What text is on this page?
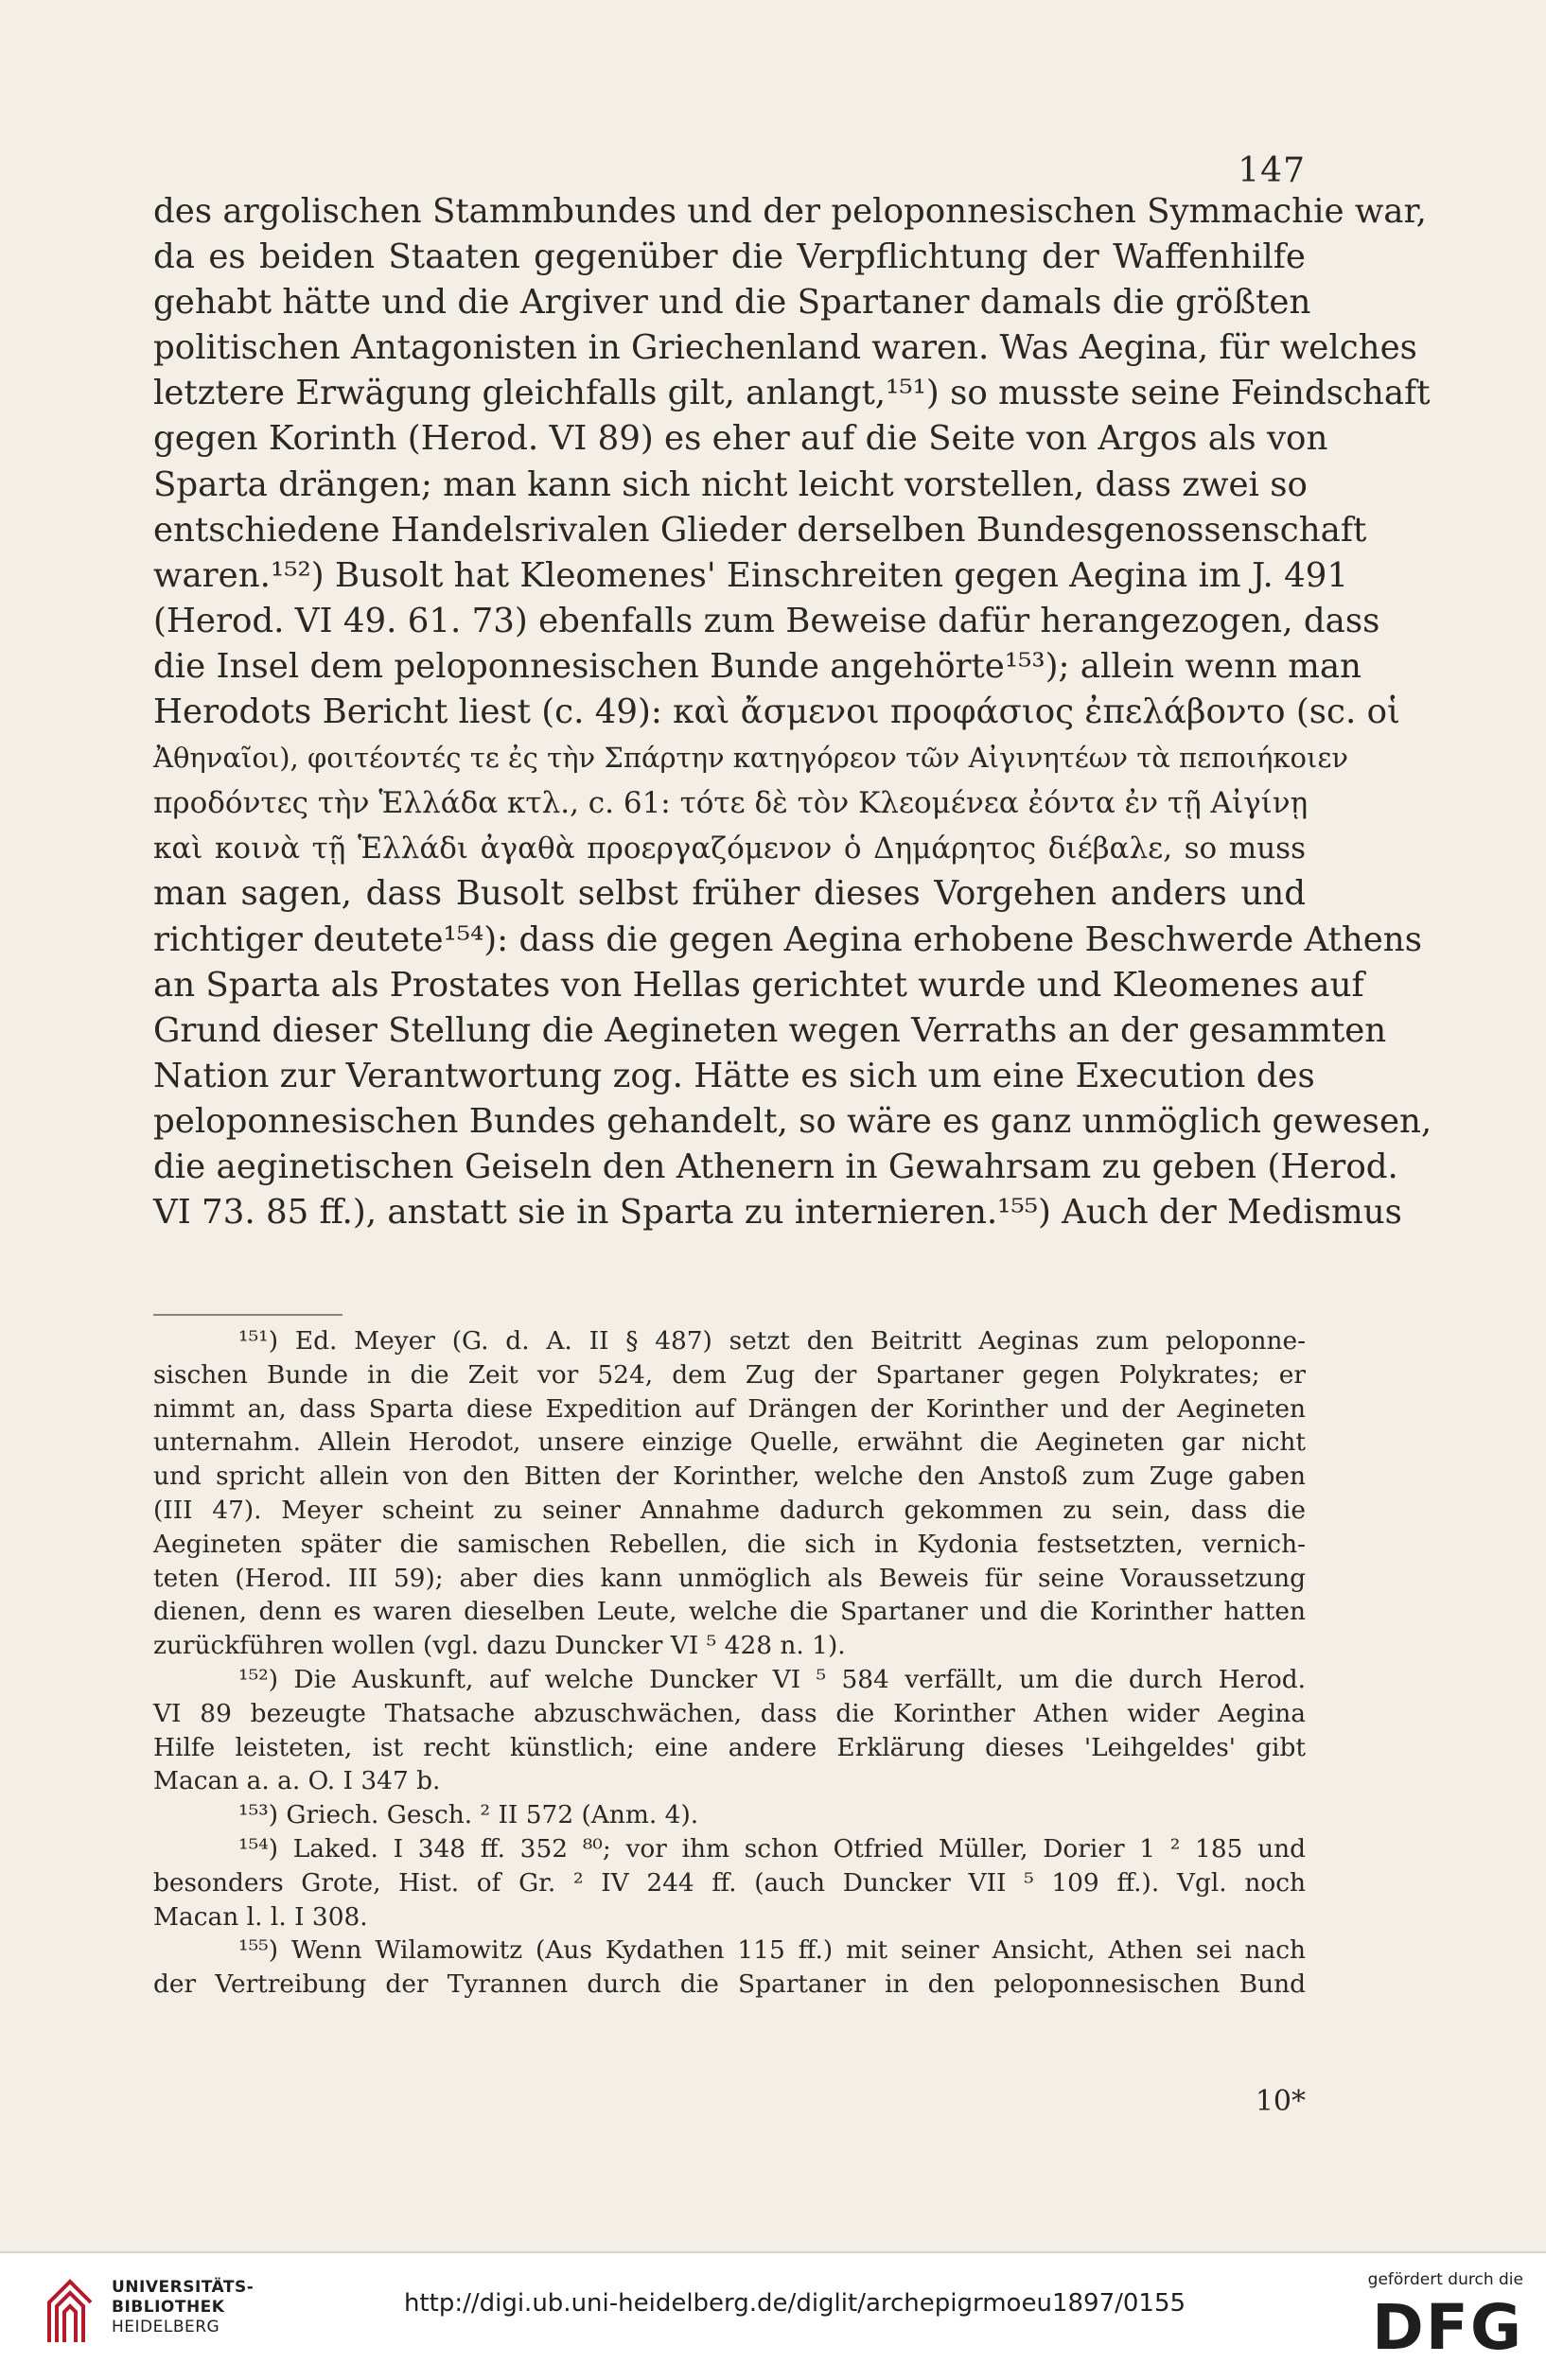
147
des argolischen Stammbundes und der peloponnesischen Symmachie war,
da es beiden Staaten gegenüber die Verpflichtung der Waffenhilfe
gehabt hätte und die Argiver und die Spartaner damals die größten
politischen Antagonisten in Griechenland waren. Was Aegina, für welches
letztere Erwägung gleichfalls gilt, anlangt,¹⁵¹) so musste seine Feindschaft
gegen Korinth (Herod. VI 89) es eher auf die Seite von Argos als von
Sparta drängen; man kann sich nicht leicht vorstellen, dass zwei so
entschiedene Handelsrivalen Glieder derselben Bundesgenossenschaft
waren.¹⁵²) Busolt hat Kleomenes' Einschreiten gegen Aegina im J. 491
(Herod. VI 49. 61. 73) ebenfalls zum Beweise dafür herangezogen, dass
die Insel dem peloponnesischen Bunde angehörte¹⁵³); allein wenn man
Herodots Bericht liest (c. 49): καὶ ἄσμενοι προφάσιος ἐπελάβοντο (sc. οἱ
Ἀθηναῖοι), φοιτέοντές τε ἐς τὴν Σπάρτην κατηγόρεον τῶν Αἰγινητέων τὰ πεποιήκοιεν
προδόντες τὴν Ἑλλάδα κτλ., c. 61: τότε δὲ τὸν Κλεομένεα ἐόντα ἐν τῇ Αἰγίνῃ
καὶ κοινὰ τῇ Ἑλλάδι ἀγαθὰ προεργαζόμενον ὁ Δημάρητος διέβαλε, so muss
man sagen, dass Busolt selbst früher dieses Vorgehen anders und
richtiger deutete¹⁵⁴): dass die gegen Aegina erhobene Beschwerde Athens
an Sparta als Prostates von Hellas gerichtet wurde und Kleomenes auf
Grund dieser Stellung die Aegineten wegen Verraths an der gesammten
Nation zur Verantwortung zog. Hätte es sich um eine Execution des
peloponnesischen Bundes gehandelt, so wäre es ganz unmöglich gewesen,
die aeginetischen Geiseln den Athenern in Gewahrsam zu geben (Herod.
VI 73. 85 ff.), anstatt sie in Sparta zu internieren.¹⁵⁵) Auch der Medismus
¹⁵¹) Ed. Meyer (G. d. A. II § 487) setzt den Beitritt Aeginas zum peloponne-
sischen Bunde in die Zeit vor 524, dem Zug der Spartaner gegen Polykrates; er
nimmt an, dass Sparta diese Expedition auf Drängen der Korinther und der Aegineten
unternahm. Allein Herodot, unsere einzige Quelle, erwähnt die Aegineten gar nicht
und spricht allein von den Bitten der Korinther, welche den Anstoß zum Zuge gaben
(III 47). Meyer scheint zu seiner Annahme dadurch gekommen zu sein, dass die
Aegineten später die samischen Rebellen, die sich in Kydonia festsetzten, vernich-
teten (Herod. III 59); aber dies kann unmöglich als Beweis für seine Voraussetzung
dienen, denn es waren dieselben Leute, welche die Spartaner und die Korinther hatten
zurückführen wollen (vgl. dazu Duncker VI ⁵ 428 n. 1).
¹⁵²) Die Auskunft, auf welche Duncker VI ⁵ 584 verfällt, um die durch Herod.
VI 89 bezeugte Thatsache abzuschwächen, dass die Korinther Athen wider Aegina
Hilfe leisteten, ist recht künstlich; eine andere Erklärung dieses 'Leihgeldes' gibt
Macan a. a. O. I 347 b.
¹⁵³) Griech. Gesch. ² II 572 (Anm. 4).
¹⁵⁴) Laked. I 348 ff. 352 ⁸⁰; vor ihm schon Otfried Müller, Dorier 1 ² 185 und
besonders Grote, Hist. of Gr. ² IV 244 ff. (auch Duncker VII ⁵ 109 ff.). Vgl. noch
Macan l. l. I 308.
¹⁵⁵) Wenn Wilamowitz (Aus Kydathen 115 ff.) mit seiner Ansicht, Athen sei nach
der Vertreibung der Tyrannen durch die Spartaner in den peloponnesischen Bund
10*
UNIVERSITÄTS-
BIBLIOTHEK
HEIDELBERG
http://digi.ub.uni-heidelberg.de/diglit/archepigrmoeu1897/0155
gefördert durch die
DFG
